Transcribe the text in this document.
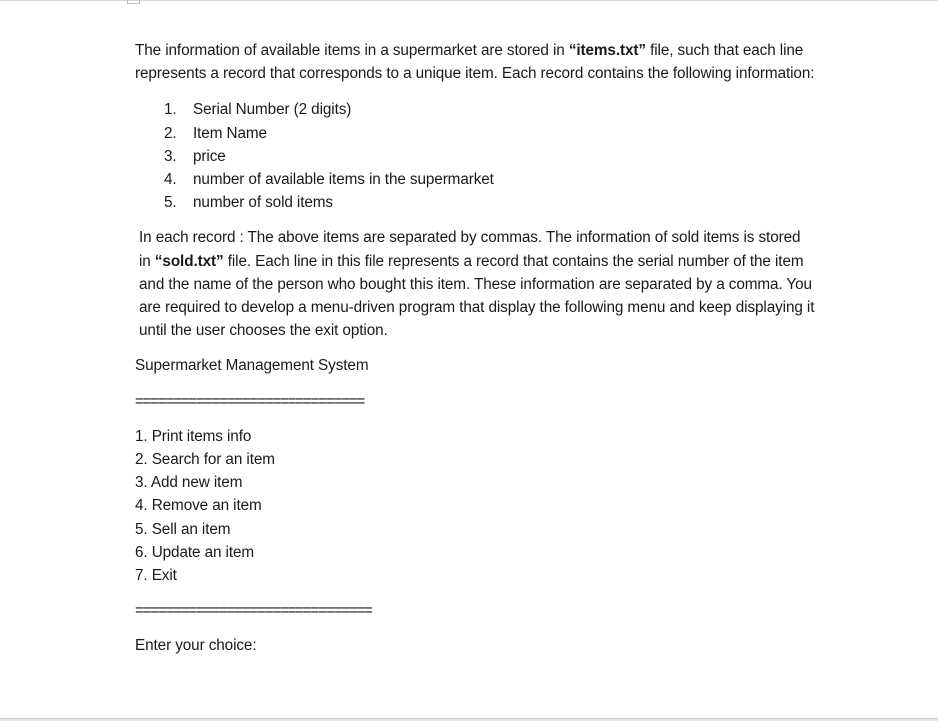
The information of available items in a supermarket are stored in “items.txt” file, such that each line represents a record that corresponds to a unique item. Each record contains the following information:

1. Serial Number (2 digits)
2. Item Name
3. price
4. number of available items in the supermarket
5. number of sold items

In each record : The above items are separated by commas. The information of sold items is stored in “sold.txt” file. Each line in this file represents a record that contains the serial number of the item and the name of the person who bought this item. These information are separated by a comma. You are required to develop a menu-driven program that display the following menu and keep displaying it until the user chooses the exit option.

Supermarket Management System

==============================

1. Print items info
2. Search for an item
3. Add new item
4. Remove an item
5. Sell an item
6. Update an item
7. Exit

===============================

Enter your choice:
